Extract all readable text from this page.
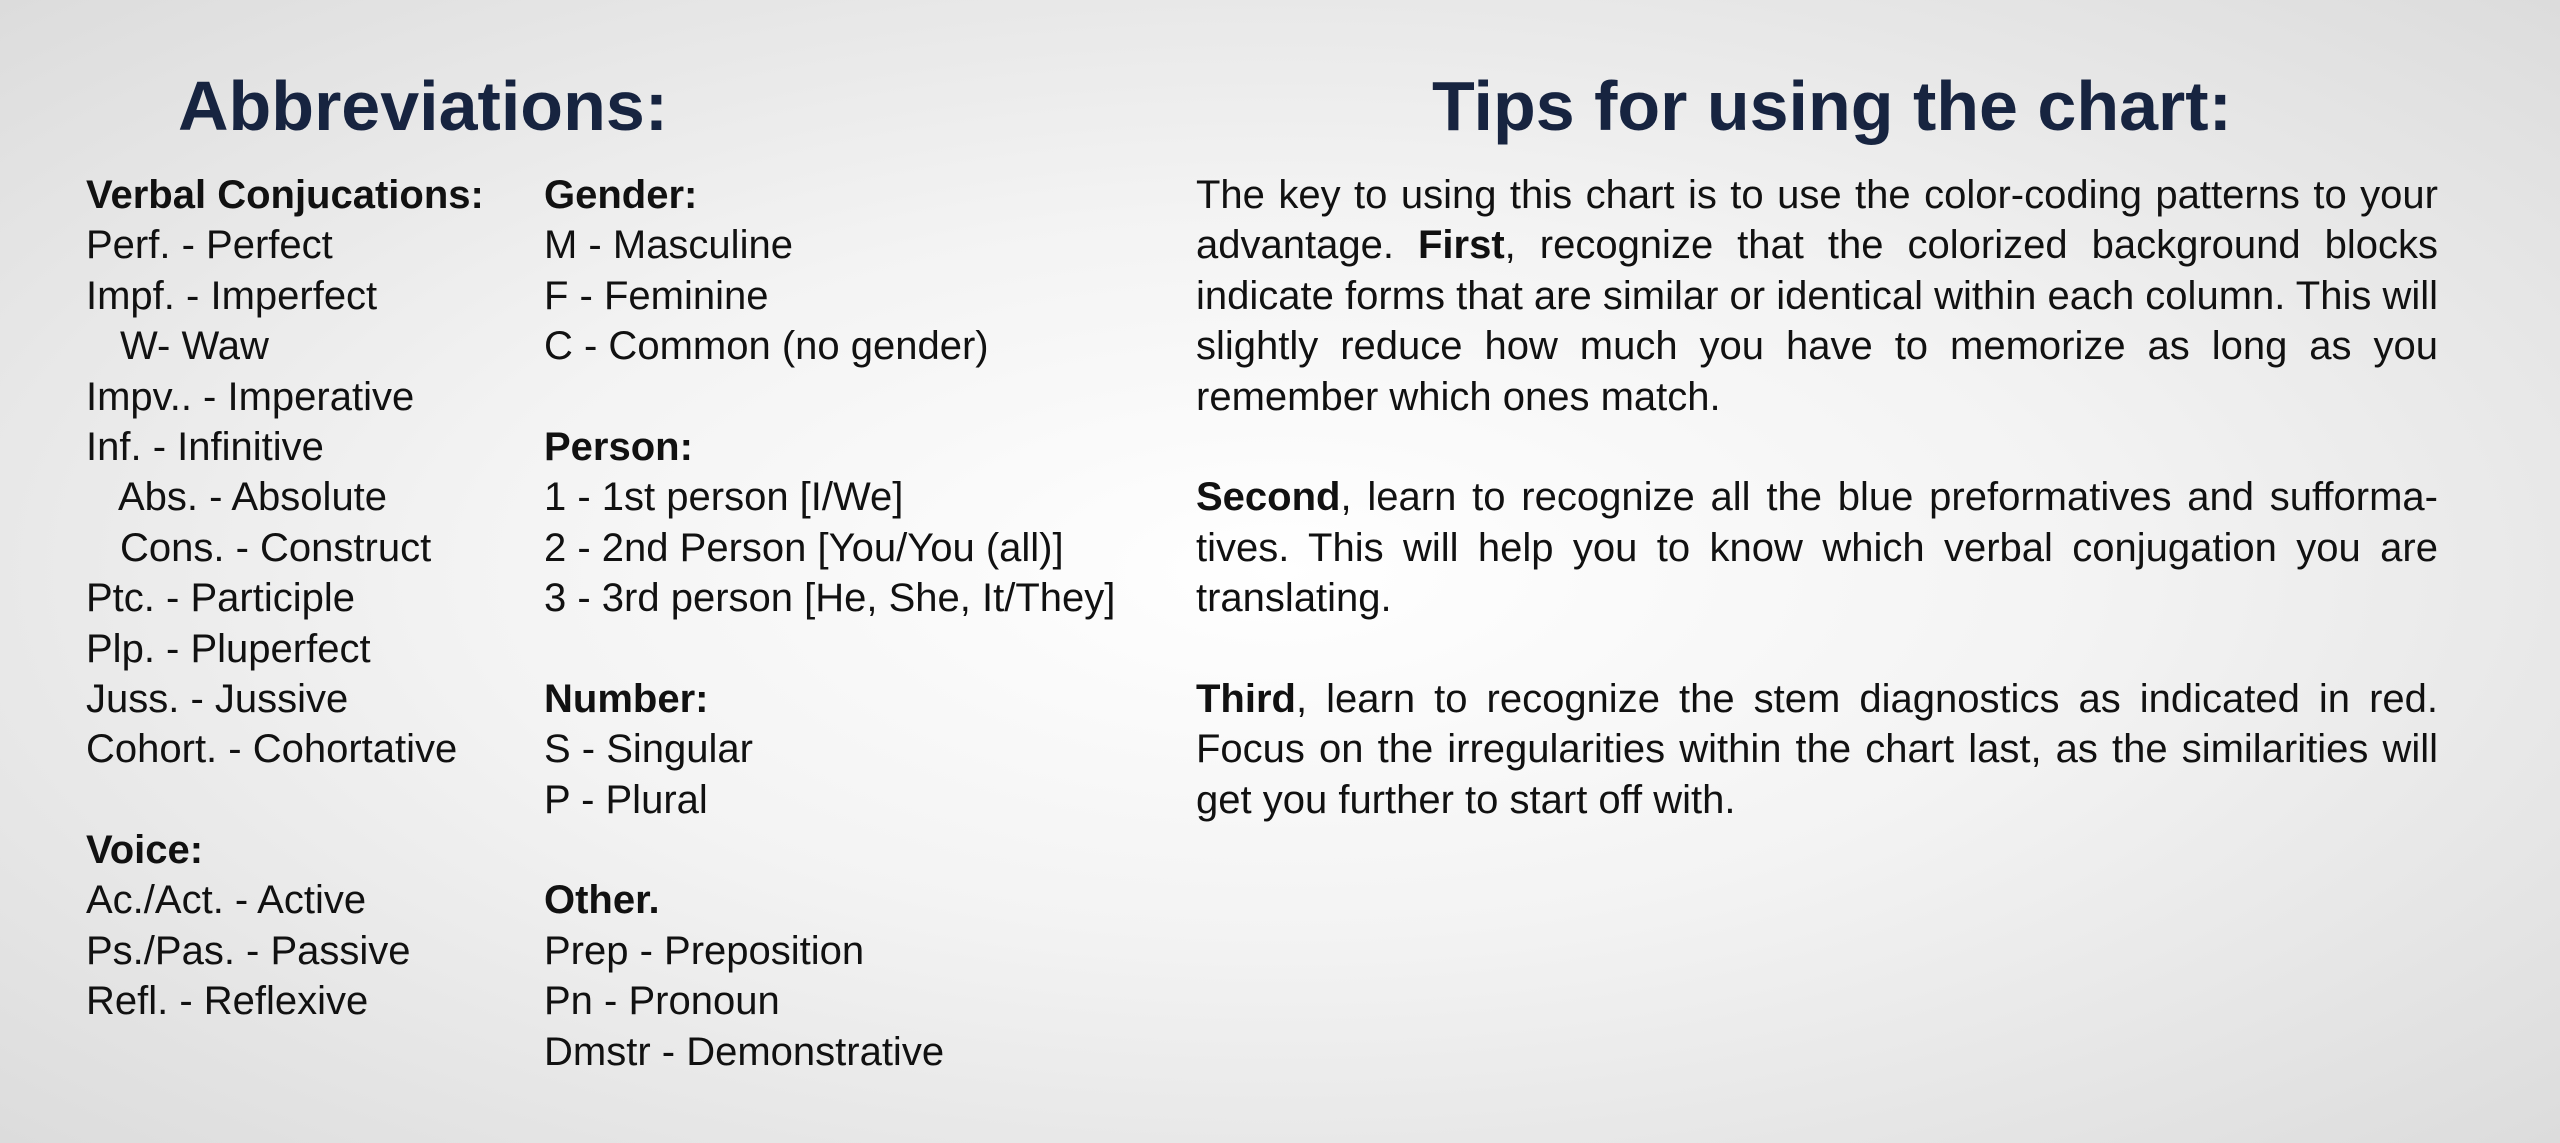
Abbreviations:	Tips for using the chart:
Verbal Conjucations:
Perf. - Perfect
Impf. - Imperfect
W- Waw
Impv.. - Imperative
Inf. - Infinitive
Abs. - Absolute
Cons. - Construct
Ptc. - Participle
Plp. - Pluperfect
Juss. - Jussive
Cohort. - Cohortative
Voice:
Ac./Act. - Active
Ps./Pas. - Passive
Refl. - Reflexive
Gender:
M - Masculine
F - Feminine
C - Common (no gender)
Person:
1 - 1st person [I/We]
2 - 2nd Person [You/You (all)]
3 - 3rd person [He, She, It/They]
Number:
S - Singular
P - Plural
Other.
Prep - Preposition
Pn - Pronoun
Dmstr - Demonstrative

The key to using this chart is to use the color-coding patterns to your advantage. First, recognize that the colorized background blocks indicate forms that are similar or identical within each column. This will slightly reduce how much you have to memorize as long as you remember which ones match.

Second, learn to recognize all the blue preformatives and sufforma-tives. This will help you to know which verbal conjugation you are translating.

Third, learn to recognize the stem diagnostics as indicated in red. Focus on the irregularities within the chart last, as the similarities will get you further to start off with.
